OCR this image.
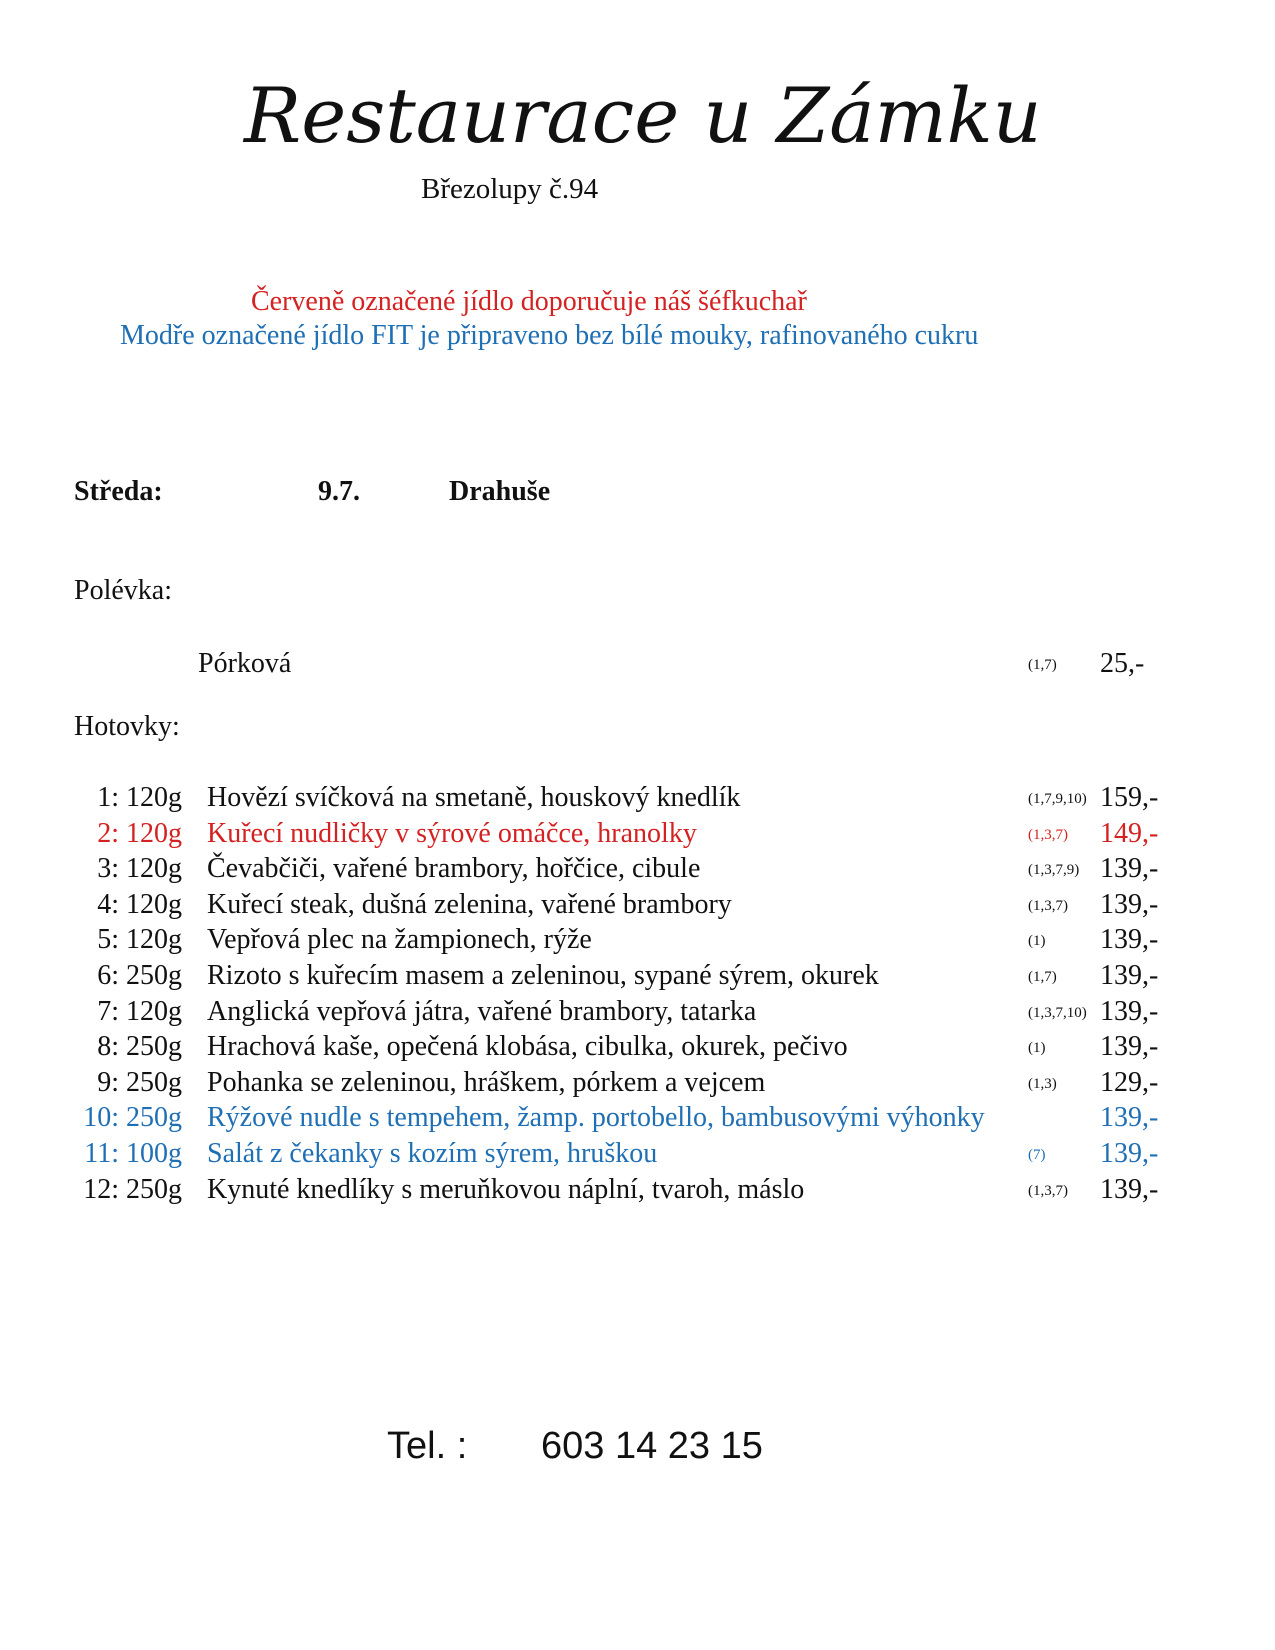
Restaurace u Zámku
Březolupy č.94
Červeně označené jídlo doporučuje náš šéfkuchař
Modře označené jídlo FIT je připraveno bez bílé mouky, rafinovaného cukru
Středa:	9.7.	Drahuše
Polévka:
Pórková	(1,7) 25,-
Hotovky:
1: 120g Hovězí svíčková na smetaně, houskový knedlík	(1,7,9,10) 159,-
2: 120g Kuřecí nudličky v sýrové omáčce, hranolky	(1,3,7) 149,-
3: 120g Čevabčiči, vařené brambory, hořčice, cibule	(1,3,7,9) 139,-
4: 120g Kuřecí steak, dušná zelenina, vařené brambory	(1,3,7) 139,-
5: 120g Vepřová plec na žampionech, rýže	(1) 139,-
6: 250g Rizoto s kuřecím masem a zeleninou, sypané sýrem, okurek	(1,7) 139,-
7: 120g Anglická vepřová játra, vařené brambory, tatarka	(1,3,7,10) 139,-
8: 250g Hrachová kaše, opečená klobása, cibulka, okurek, pečivo	(1) 139,-
9: 250g Pohanka se zeleninou, hráškem, pórkem a vejcem	(1,3) 129,-
10: 250g Rýžové nudle s tempehem, žamp. portobello, bambusovými výhonky	139,-
11: 100g Salát z čekanky s kozím sýrem, hruškou	(7) 139,-
12: 250g Kynuté knedlíky s meruňkovou náplní, tvaroh, máslo	(1,3,7) 139,-
Tel. : 603 14 23 15
